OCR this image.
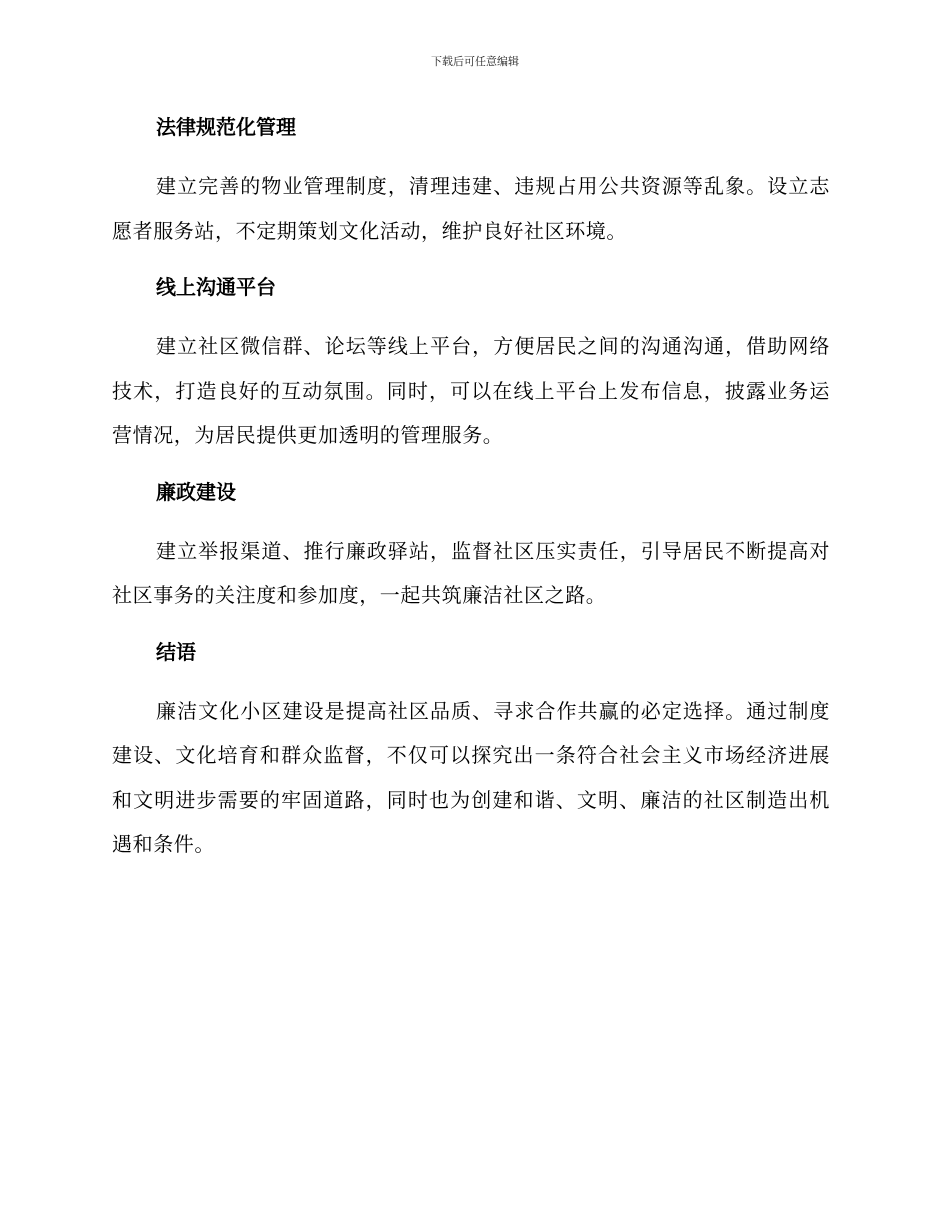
下载后可任意编辑
法律规范化管理

建立完善的物业管理制度，清理违建、违规占用公共资源等乱象。设立志愿者服务站，不定期策划文化活动，维护良好社区环境。

线上沟通平台

建立社区微信群、论坛等线上平台，方便居民之间的沟通沟通，借助网络技术，打造良好的互动氛围。同时，可以在线上平台上发布信息，披露业务运营情况，为居民提供更加透明的管理服务。

廉政建设

建立举报渠道、推行廉政驿站，监督社区压实责任，引导居民不断提高对社区事务的关注度和参加度，一起共筑廉洁社区之路。

结语

廉洁文化小区建设是提高社区品质、寻求合作共赢的必定选择。通过制度建设、文化培育和群众监督，不仅可以探究出一条符合社会主义市场经济进展和文明进步需要的牢固道路，同时也为创建和谐、文明、廉洁的社区制造出机遇和条件。
